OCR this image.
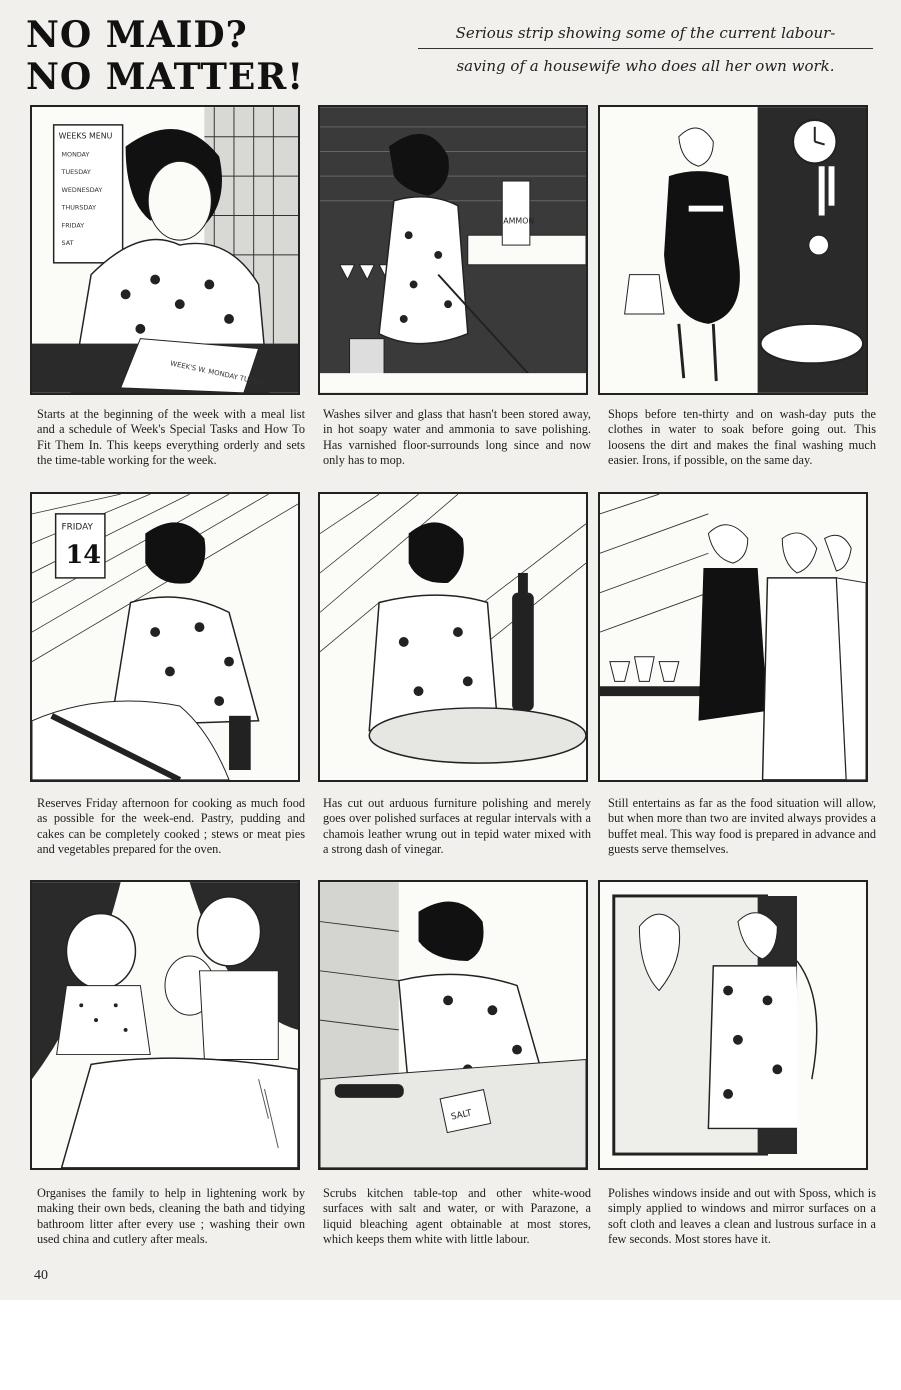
NO MAID?
NO MATTER!
Serious strip showing some of the current labour-
saving of a housewife who does all her own work.
WEEKS MENU
MONDAY
TUESDAY
WEDNESDAY
THURSDAY
FRIDAY
SAT
WEEK'S W. MONDAY TUESD
AMMON

Starts at the beginning of the week with a meal list and a schedule of Week's Special Tasks and How To Fit Them In. This keeps everything orderly and sets the time-table working for the week.

Washes silver and glass that hasn't been stored away, in hot soapy water and ammonia to save polishing. Has varnished floor-surrounds long since and now only has to mop.

Shops before ten-thirty and on wash-day puts the clothes in water to soak before going out. This loosens the dirt and makes the final washing much easier. Irons, if possible, on the same day.

FRIDAY
14

Reserves Friday afternoon for cooking as much food as possible for the week-end. Pastry, pudding and cakes can be completely cooked ; stews or meat pies and vegetables prepared for the oven.

Has cut out arduous furniture polishing and merely goes over polished surfaces at regular intervals with a chamois leather wrung out in tepid water mixed with a strong dash of vinegar.

Still entertains as far as the food situation will allow, but when more than two are invited always provides a buffet meal. This way food is prepared in advance and guests serve themselves.

SALT

Organises the family to help in lightening work by making their own beds, cleaning the bath and tidying bathroom litter after every use ; washing their own used china and cutlery after meals.

Scrubs kitchen table-top and other white-wood surfaces with salt and water, or with Parazone, a liquid bleaching agent obtainable at most stores, which keeps them white with little labour.

Polishes windows inside and out with Sposs, which is simply applied to windows and mirror surfaces on a soft cloth and leaves a clean and lustrous surface in a few seconds. Most stores have it.

40
